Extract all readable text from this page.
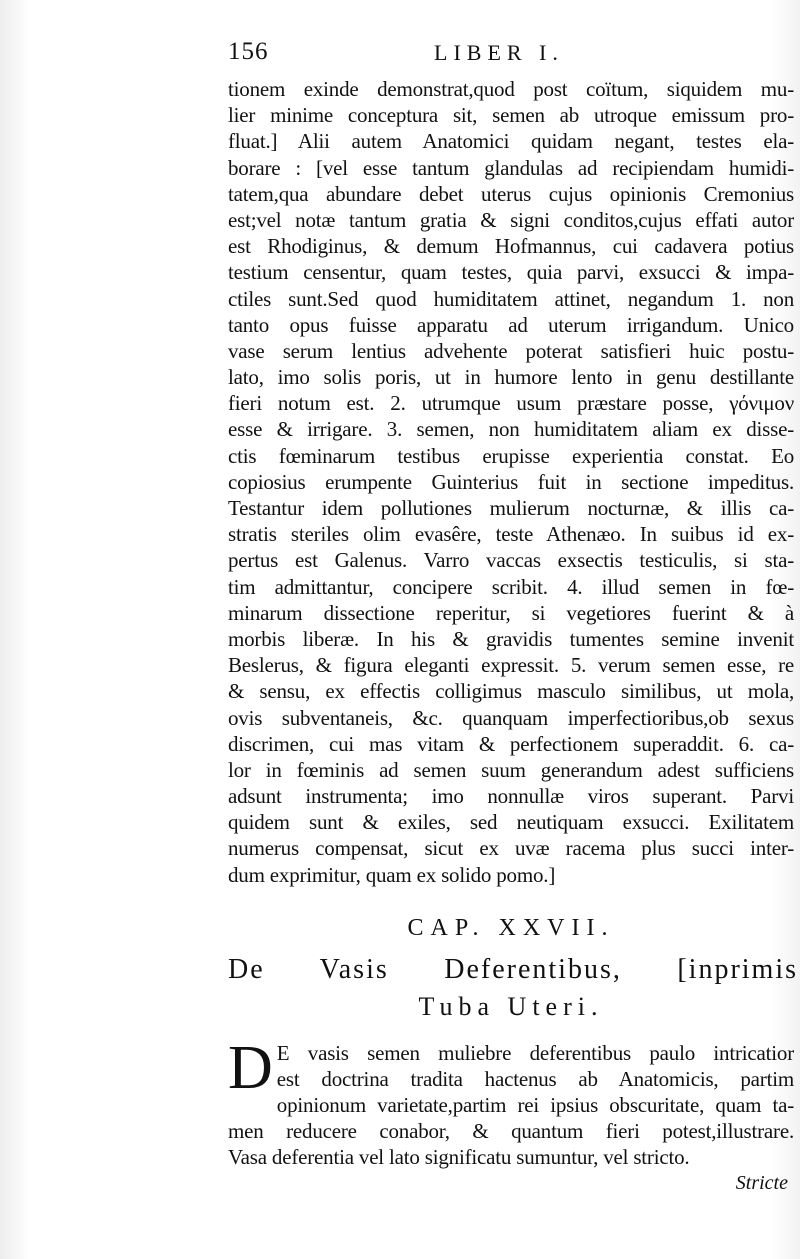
156	LIBER I.
tionem exinde demonstrat,quod post coïtum, siquidem mu-
lier minime conceptura sit, semen ab utroque emissum pro-
fluat.] Alii autem Anatomici quidam negant, testes ela-
borare : [vel esse tantum glandulas ad recipiendam humidi-
tatem,qua abundare debet uterus cujus opinionis Cremonius
est;vel notæ tantum gratia & signi conditos,cujus effati autor
est Rhodiginus, & demum Hofmannus, cui cadavera potius
testium censentur, quam testes, quia parvi, exsucci & impa-
ctiles sunt.Sed quod humiditatem attinet, negandum 1. non
tanto opus fuisse apparatu ad uterum irrigandum. Unico
vase serum lentius advehente poterat satisfieri huic postu-
lato, imo solis poris, ut in humore lento in genu destillante
fieri notum est. 2. utrumque usum præstare posse, γόνιμον
esse & irrigare. 3. semen, non humiditatem aliam ex disse-
ctis fœminarum testibus erupisse experientia constat. Eo
copiosius erumpente Guinterius fuit in sectione impeditus.
Testantur idem pollutiones mulierum nocturnæ, & illis ca-
stratis steriles olim evasêre, teste Athenæo. In suibus id ex-
pertus est Galenus. Varro vaccas exsectis testiculis, si sta-
tim admittantur, concipere scribit. 4. illud semen in fœ-
minarum dissectione reperitur, si vegetiores fuerint & à
morbis liberæ. In his & gravidis tumentes semine invenit
Beslerus, & figura eleganti expressit. 5. verum semen esse, re
& sensu, ex effectis colligimus masculo similibus, ut mola,
ovis subventaneis, &c. quanquam imperfectioribus,ob sexus
discrimen, cui mas vitam & perfectionem superaddit. 6. ca-
lor in fœminis ad semen suum generandum adest sufficiens
adsunt instrumenta; imo nonnullæ viros superant. Parvi
quidem sunt & exiles, sed neutiquam exsucci. Exilitatem
numerus compensat, sicut ex uvæ racema plus succi inter-
dum exprimitur, quam ex solido pomo.]
CAP. XXVII.
De Vasis Deferentibus, [inprimis
Tuba Uteri.
D E vasis semen muliebre deferentibus paulo intricatior
est doctrina tradita hactenus ab Anatomicis, partim
opinionum varietate,partim rei ipsius obscuritate, quam ta-
men reducere conabor, & quantum fieri potest,illustrare.
Vasa deferentia vel lato significatu sumuntur, vel stricto.
Stricte
